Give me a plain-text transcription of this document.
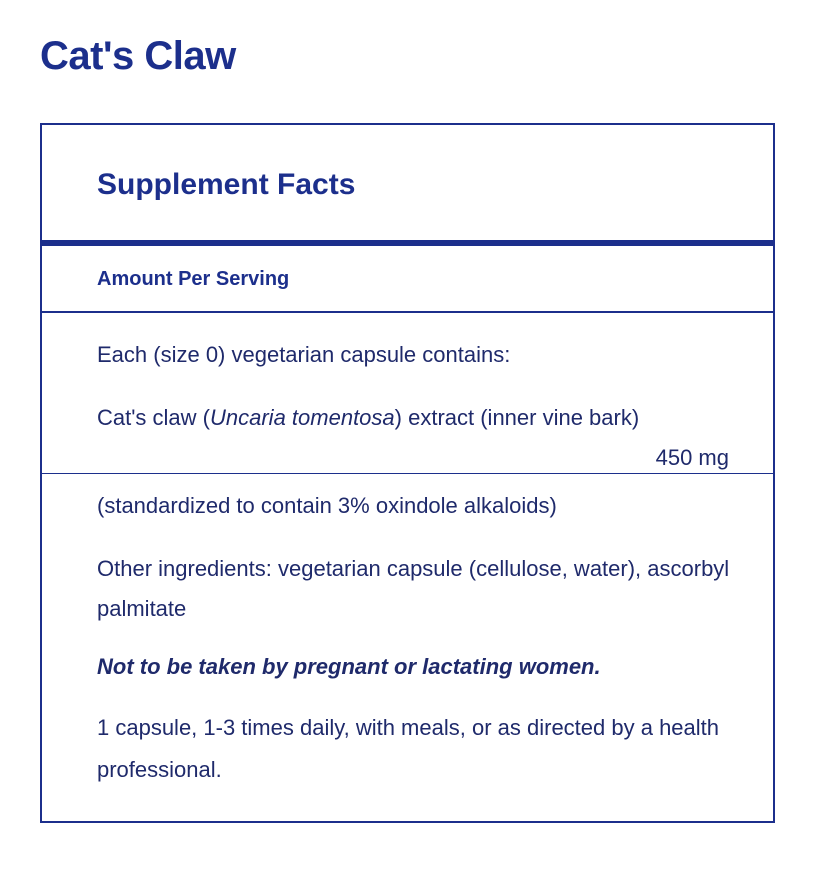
Cat's Claw
Supplement Facts
Amount Per Serving
Each (size 0) vegetarian capsule contains:
Cat's claw (Uncaria tomentosa) extract (inner vine bark)
450 mg
(standardized to contain 3% oxindole alkaloids)
Other ingredients: vegetarian capsule (cellulose, water), ascorbyl palmitate
Not to be taken by pregnant or lactating women.
1 capsule, 1-3 times daily, with meals, or as directed by a health professional.
